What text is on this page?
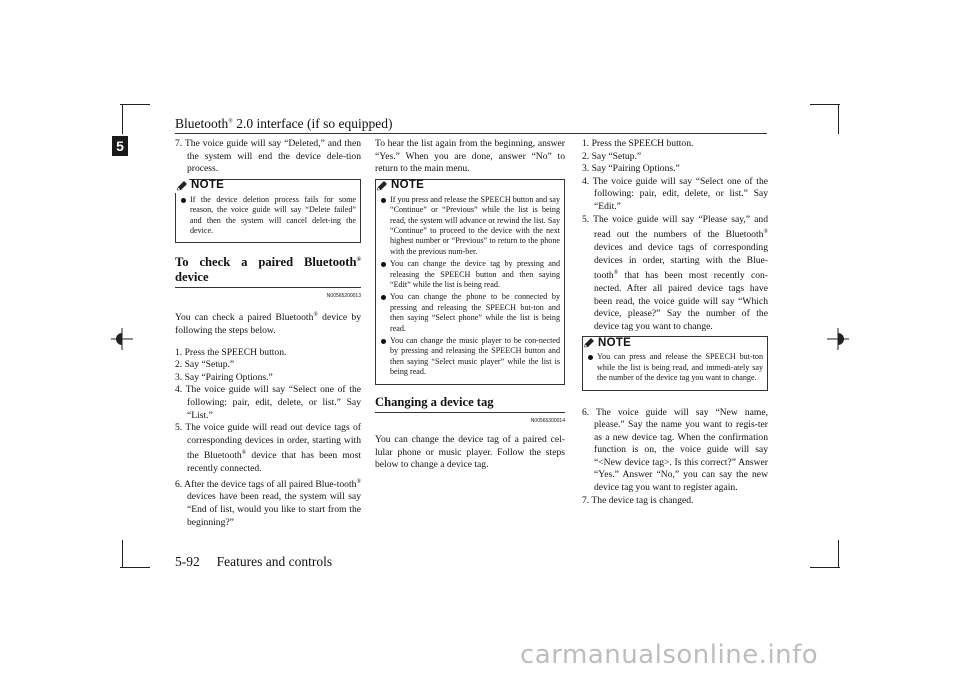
Bluetooth® 2.0 interface (if so equipped)
5	7. The voice guide will say “Deleted,” and then the system will end the device dele-tion process.

NOTE
If the device deletion process fails for some reason, the voice guide will say “Delete failed” and then the system will cancel delet-ing the device.
To check a paired Bluetooth® device
N00565200013

You can check a paired Bluetooth® device by following the steps below.

1. Press the SPEECH button.

2. Say “Setup.”

3. Say “Pairing Options.”

4. The voice guide will say “Select one of the following: pair, edit, delete, or list.” Say “List.”

5. The voice guide will read out device tags of corresponding devices in order, starting with the Bluetooth® device that has been most recently connected.

6. After the device tags of all paired Blue-tooth® devices have been read, the system will say “End of list, would you like to start from the beginning?”

To hear the list again from the beginning, answer “Yes.” When you are done, answer “No” to return to the main menu.

NOTE
If you press and release the SPEECH button and say “Continue” or “Previous” while the list is being read, the system will advance or rewind the list. Say “Continue” to proceed to the device with the next highest number or “Previous” to return to the phone with the previous num-ber.
You can change the device tag by pressing and releasing the SPEECH button and then saying “Edit” while the list is being read.
You can change the phone to be connected by pressing and releasing the SPEECH but-ton and then saying “Select phone” while the list is being read.
You can change the music player to be con-nected by pressing and releasing the SPEECH button and then saying “Select music player” while the list is being read.
Changing a device tag
N00565300014

You can change the device tag of a paired cel-lular phone or music player. Follow the steps below to change a device tag.

1. Press the SPEECH button.

2. Say “Setup.”

3. Say “Pairing Options.”

4. The voice guide will say “Select one of the following: pair, edit, delete, or list.” Say “Edit.”

5. The voice guide will say “Please say,” and read out the numbers of the Bluetooth® devices and device tags of corresponding devices in order, starting with the Blue-tooth® that has been most recently con-nected. After all paired device tags have been read, the voice guide will say “Which device, please?” Say the number of the device tag you want to change.

NOTE
You can press and release the SPEECH but-ton while the list is being read, and immedi-ately say the number of the device tag you want to change.

6. The voice guide will say “New name, please.” Say the name you want to regis-ter as a new device tag. When the confirmation function is on, the voice guide will say “<New device tag>. Is this correct?” Answer “Yes.” Answer “No,” you can say the new device tag you want to register again.

7. The device tag is changed.

5-92     Features and controls
carmanualsonline.info
